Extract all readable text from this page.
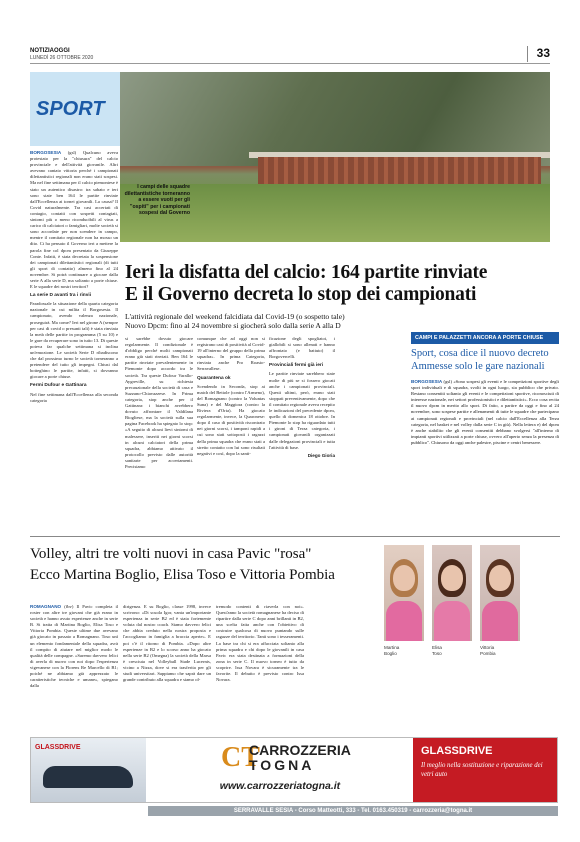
NOTIZIAOGGI
LUNEDÌ 26 OTTOBRE 2020	33
SPORT
I campi delle squadre dilettantistiche torneranno a essere vuoti per gli "ospiti" per i campionati sospesi dal Governo

BORGOSESIA (gsl) Qualcuno aveva protestato per la "chiusura" del calcio provinciale e dell'attività giovanile. Altri avevano cantato vittoria perché i campionati dilettantistici regionali non erano stati sospesi. Ma nel fine settimana per il calcio piemontese è stato un autentico disastro: tra sabato e ieri sono state ben 164 le partite rinviate dall'Eccellenza ai tornei giovanili. La causa? Il Covid naturalmente. Tra casi accertati di contagio, contatti con sospetti contagiati, sintomi più o meno riconducibili al virus a carico di calciatori o famigliari, molte società si sono accordate per non scendere in campo, mentre il comitato regionale non ha mosso un dito. Ci ha pensato il Governo ieri a mettere la parola fine col dpcm presentato da Giuseppe Conte. Infatti, è stata decretata la sospensione dei campionati dilettantistici regionali (di tutti gli sport di contatto) almeno fino al 24 novembre. Si potrà continuare a giocare dalla serie A alla serie D, ma soltanto a porte chiuse. E le squadre dei nostri territori?

La serie D avanti tra i rinvii

Paradossale la situazione della quarta categoria nazionale in cui milita il Borgosesia. Il campionato, avendo valenza nazionale, proseguirà. Ma come? Ieri nel girone A (sempre per casi di covid o presunti tali) è stata rinviata la metà delle partite in programma (5 su 10) e le gare da recuperare sono in tutto 13. Di queste poteva far qualche settimana si inclina un'emozione. Le società Serie D ribadiscono che dal prossimo turno le società torneranno a pretendere del tutto gli impegni. Chiusi dal botteghino le partite, infatti, si dovranno giocare a porte chiuse.

Fermi Dufour e Gattinara

Nel fine settimana dall'Eccellenza alla seconda categoria

Ieri la disfatta del calcio: 164 partite rinviate
E il Governo decreta lo stop dei campionati
L'attività regionale del weekend falcidiata dal Covid-19 (o sospetto tale)
Nuovo Dpcm: fino al 24 novembre si giocherà solo dalla serie A alla D

si sarebbe dovuto giocare regolarmente. Il condizionale è d'obbligo perché molti campionati erano già stati rinviati. Ben 164 le partite rinviate prevalentemente in Piemonte dopo accordo tra le società. Tra queste Dufour Varallo-Aygreville, su richiesta precauzionale della società di casa e Suzzano-Chiavazzese. In Prima categoria, stop anche per il Gattinara: i bianchi avrebbero dovuto affrontare il Valdilana Biogliese, ma la società sulla sua pagina Facebook ha spiegato lo stop: «A seguito di alcuni lievi sintomi di malessere, inseriti nei giorni scorsi in alcuni calciatori della prima squadra, abbiamo attivato il protocollo previsto dalle autorità sanitarie per accertamenti. Precisiamo

comunque che ad oggi non si registrano casi di positività al Covid-19 all'interno del gruppo della prima squadra». In prima Categoria, rinviata anche Pro Roasio-Serravallese.

Quarantena ok

Scendendo in Seconda, stop ai match del Bettole (contro l'Armeno), del Romagnano (contro la Voluntas Suna) e del Maggiora (contro la Riviera d'Orta). Ha giocato regolarmente, invece, la Quaronese: dopo il caso di positività riscontrato nei giorni scorsi, i tamponi rapidi a cui sono stati sottoposti i ragazzi della prima squadra che erano stati a stretto contatto con lui sono risultati negativi e così, dopo la santi-

ficazione degli spogliatoi, i giallobili si sono allenati e hanno affrontato (e battuto) il Borgovercelli.

Provinciali fermi già ieri

Le partite rinviate sarebbero state molte di più se si fossero giocati anche i campionati provinciali. Questi ultimi, però, erano stati stoppati preventivamente, dopo che il comitato regionale aveva recepito le indicazioni del precedente dpcm, quello di domenica 18 ottobre. In Piemonte lo stop ha riguardato tutti i gironi di Terza categoria, i campionati giovanili organizzati dalle delegazioni provinciali e tutta l'attività di base.

Diego Gioria

CAMPI E PALAZZETTI ANCORA A PORTE CHIUSE
Sport, cosa dice il nuovo decreto Ammesse solo le gare nazionali
BORGOSESIA (gsl) «Sono sospesi gli eventi e le competizioni sportive degli sport individuali e di squadra, svolti in ogni luogo, sia pubblico che privato. Restano consentiti soltanto gli eventi e le competizioni sportive, riconosciuti di interesse nazionale, nei settori professionistici e dilettantistici». Ecco cosa recita il nuovo dpcm in merito allo sport. Di fatto, a partire da oggi e fino al 24 novembre, sono sospese partite e allenamenti di tutte le squadre che partecipano ai campionati regionali e provinciali (nel calcio dall'Eccellenza alla Terza categoria, nel basket e nel volley dalla serie C in giù). Nella lettera e) del dpcm è anche stabilito che gli eventi consentiti debbano svolgersi "all'interno di impianti sportivi utilizzati a porte chiuse, ovvero all'aperto senza la presenza di pubblico". Chiusono da oggi anche palestre, piscine e centri benessere.
Volley, altri tre volti nuovi in casa Pavic "rosa"
Ecco Martina Boglio, Elisa Toso e Vittoria Pombia

ROMAGNANO (fbv) Il Pavic completa il roster con altre tre giovani che già erano in società e hanno avuto esperienze anche in serie B. Si tratta di Martina Boglio, Elisa Toso e Vittoria Pombia. Queste ultime due avevano già giocato in passato a Romagnano. Toso unì un elemento fondamentale della squadra, avrà il compito di aiutare nel miglior modo le qualità delle compagne. «Saremo davvero felici di averla di nuovo con noi dopo l'esperienza vigevanese con la Florens Re Marcello di B1; poiché ne abbiamo già apprezzato le caratteristiche tecniche e umane», spiegano dalla

dirigenza. E su Boglio, classe 1998, invece scrivono: «Di scuola Igor, vanta un'importante esperienza in serie B2 ed è stata fortemente voluta dal nostro coach. Siamo davvero felici che abbia creduto nella nostra proposta e l'accogliamo in famiglia a braccia aperte». E poi c'è il ritorno di Pombia. «Dopo altre esperienze in B2 e lo scorso anno ha giocato nella serie B2 (Omegna) la società della Marsa è cresciuta nel Volleyball Stade Lucernis, vicino a Nizza, dove si era trasferita per gli studi universitari. Sappiamo che saprà dare un grande contributo alla squadra e siamo ol-

tremodo contenti di riaverla con noi». Quest'anno la società romagnanese ha deciso di ripartire dalla serie C dopo anni brillanti in B2, una scelta fatta anche con l'obiettivo di costruire qualcosa di nuovo puntando sulle ragazze del territorio. Tanti sono i tesseramenti. La base tra chi si era affacciata soltanto alla prima squadra e chi dopo le giovanili in casa Pavic era stata destinata a formazioni della zona in serie C. Il nuovo torneo è tutto da scoprire. Issa Novara è sicuramente tra le favorite. Il debutto è previsto contro Issa Novara.

Martina
Boglio
Elisa
Toso
Vittoria
Pombia
GLASSDRIVE	CT
CARROZZERIA
TOGNA
www.carrozzeriatogna.it
GLASSDRIVE
Il meglio nella sostituzione e riparazione dei vetri auto
SERRAVALLE SESIA - Corso Matteotti, 333 - Tel. 0163.450319 - carrozzeria@togna.it
